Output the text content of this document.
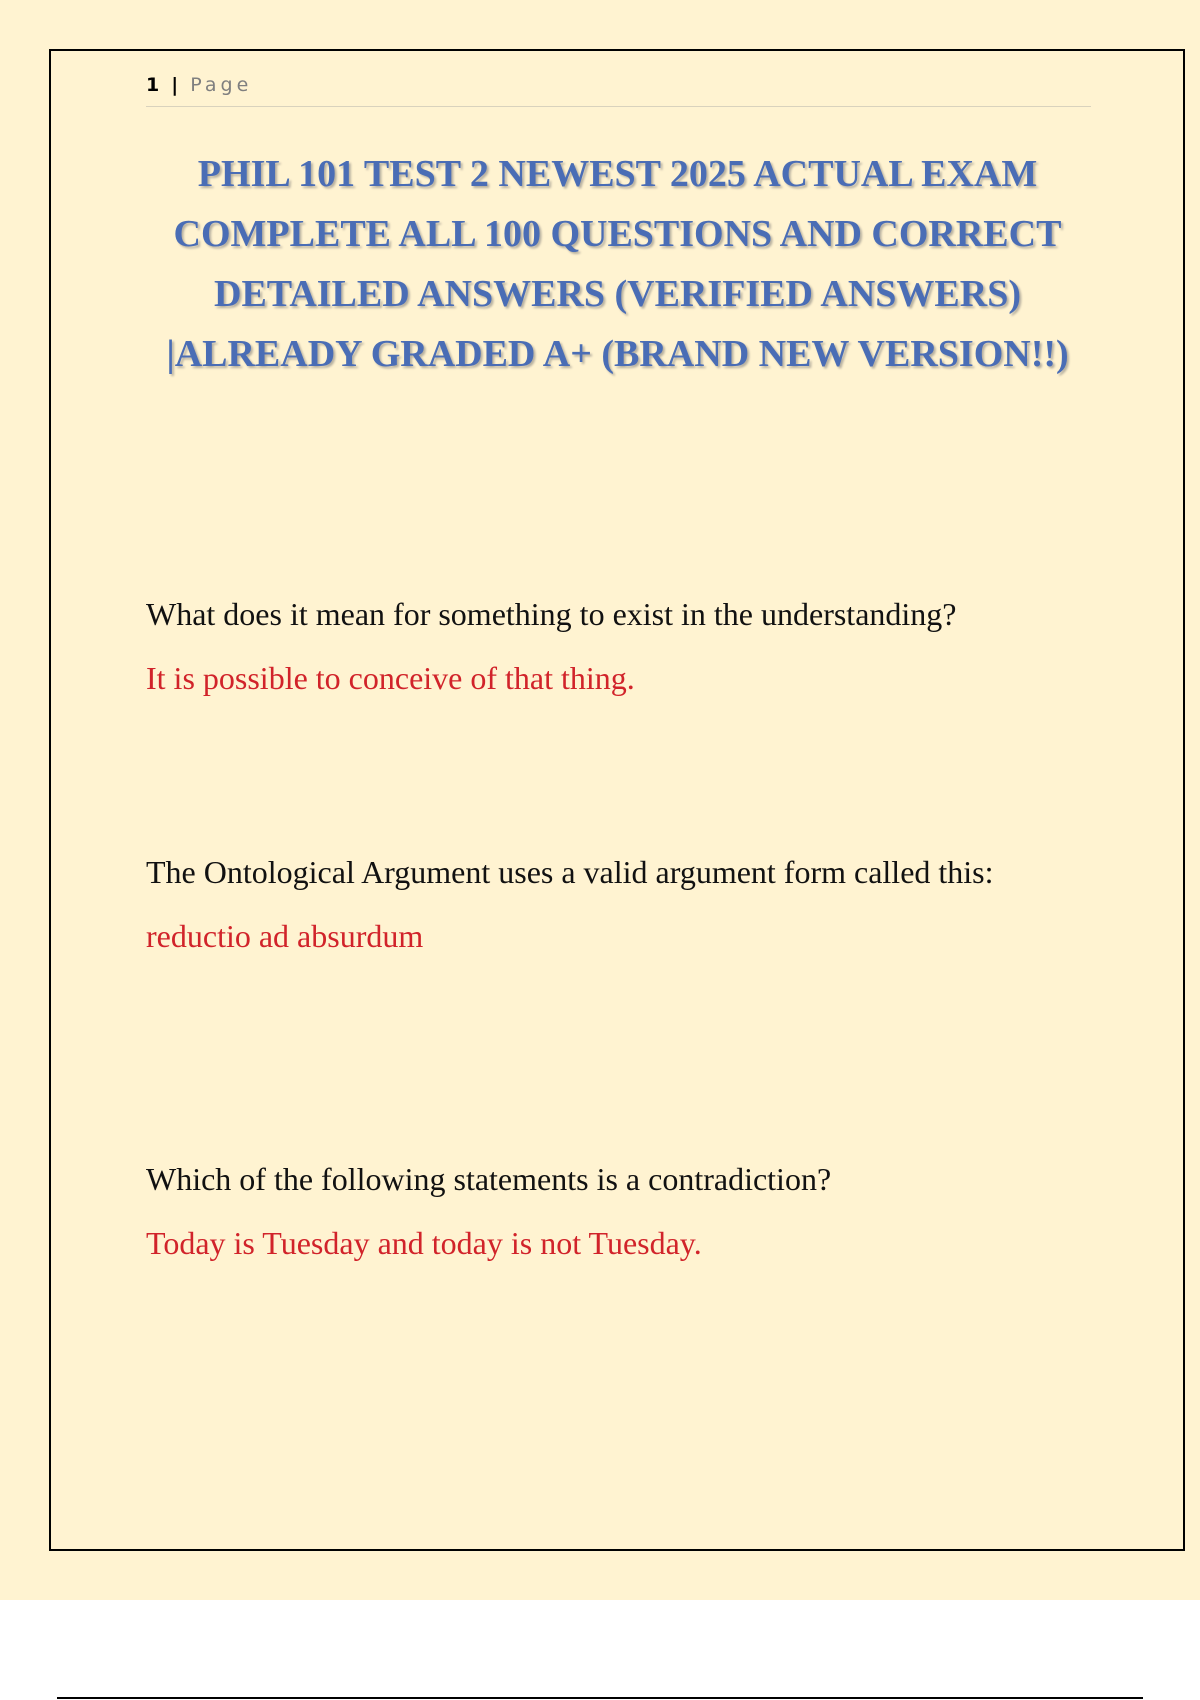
1 | Page
PHIL 101 TEST 2 NEWEST 2025 ACTUAL EXAM COMPLETE ALL 100 QUESTIONS AND CORRECT DETAILED ANSWERS (VERIFIED ANSWERS) |ALREADY GRADED A+ (BRAND NEW VERSION!!)

What does it mean for something to exist in the understanding?

It is possible to conceive of that thing.

The Ontological Argument uses a valid argument form called this:

reductio ad absurdum

Which of the following statements is a contradiction?

Today is Tuesday and today is not Tuesday.
